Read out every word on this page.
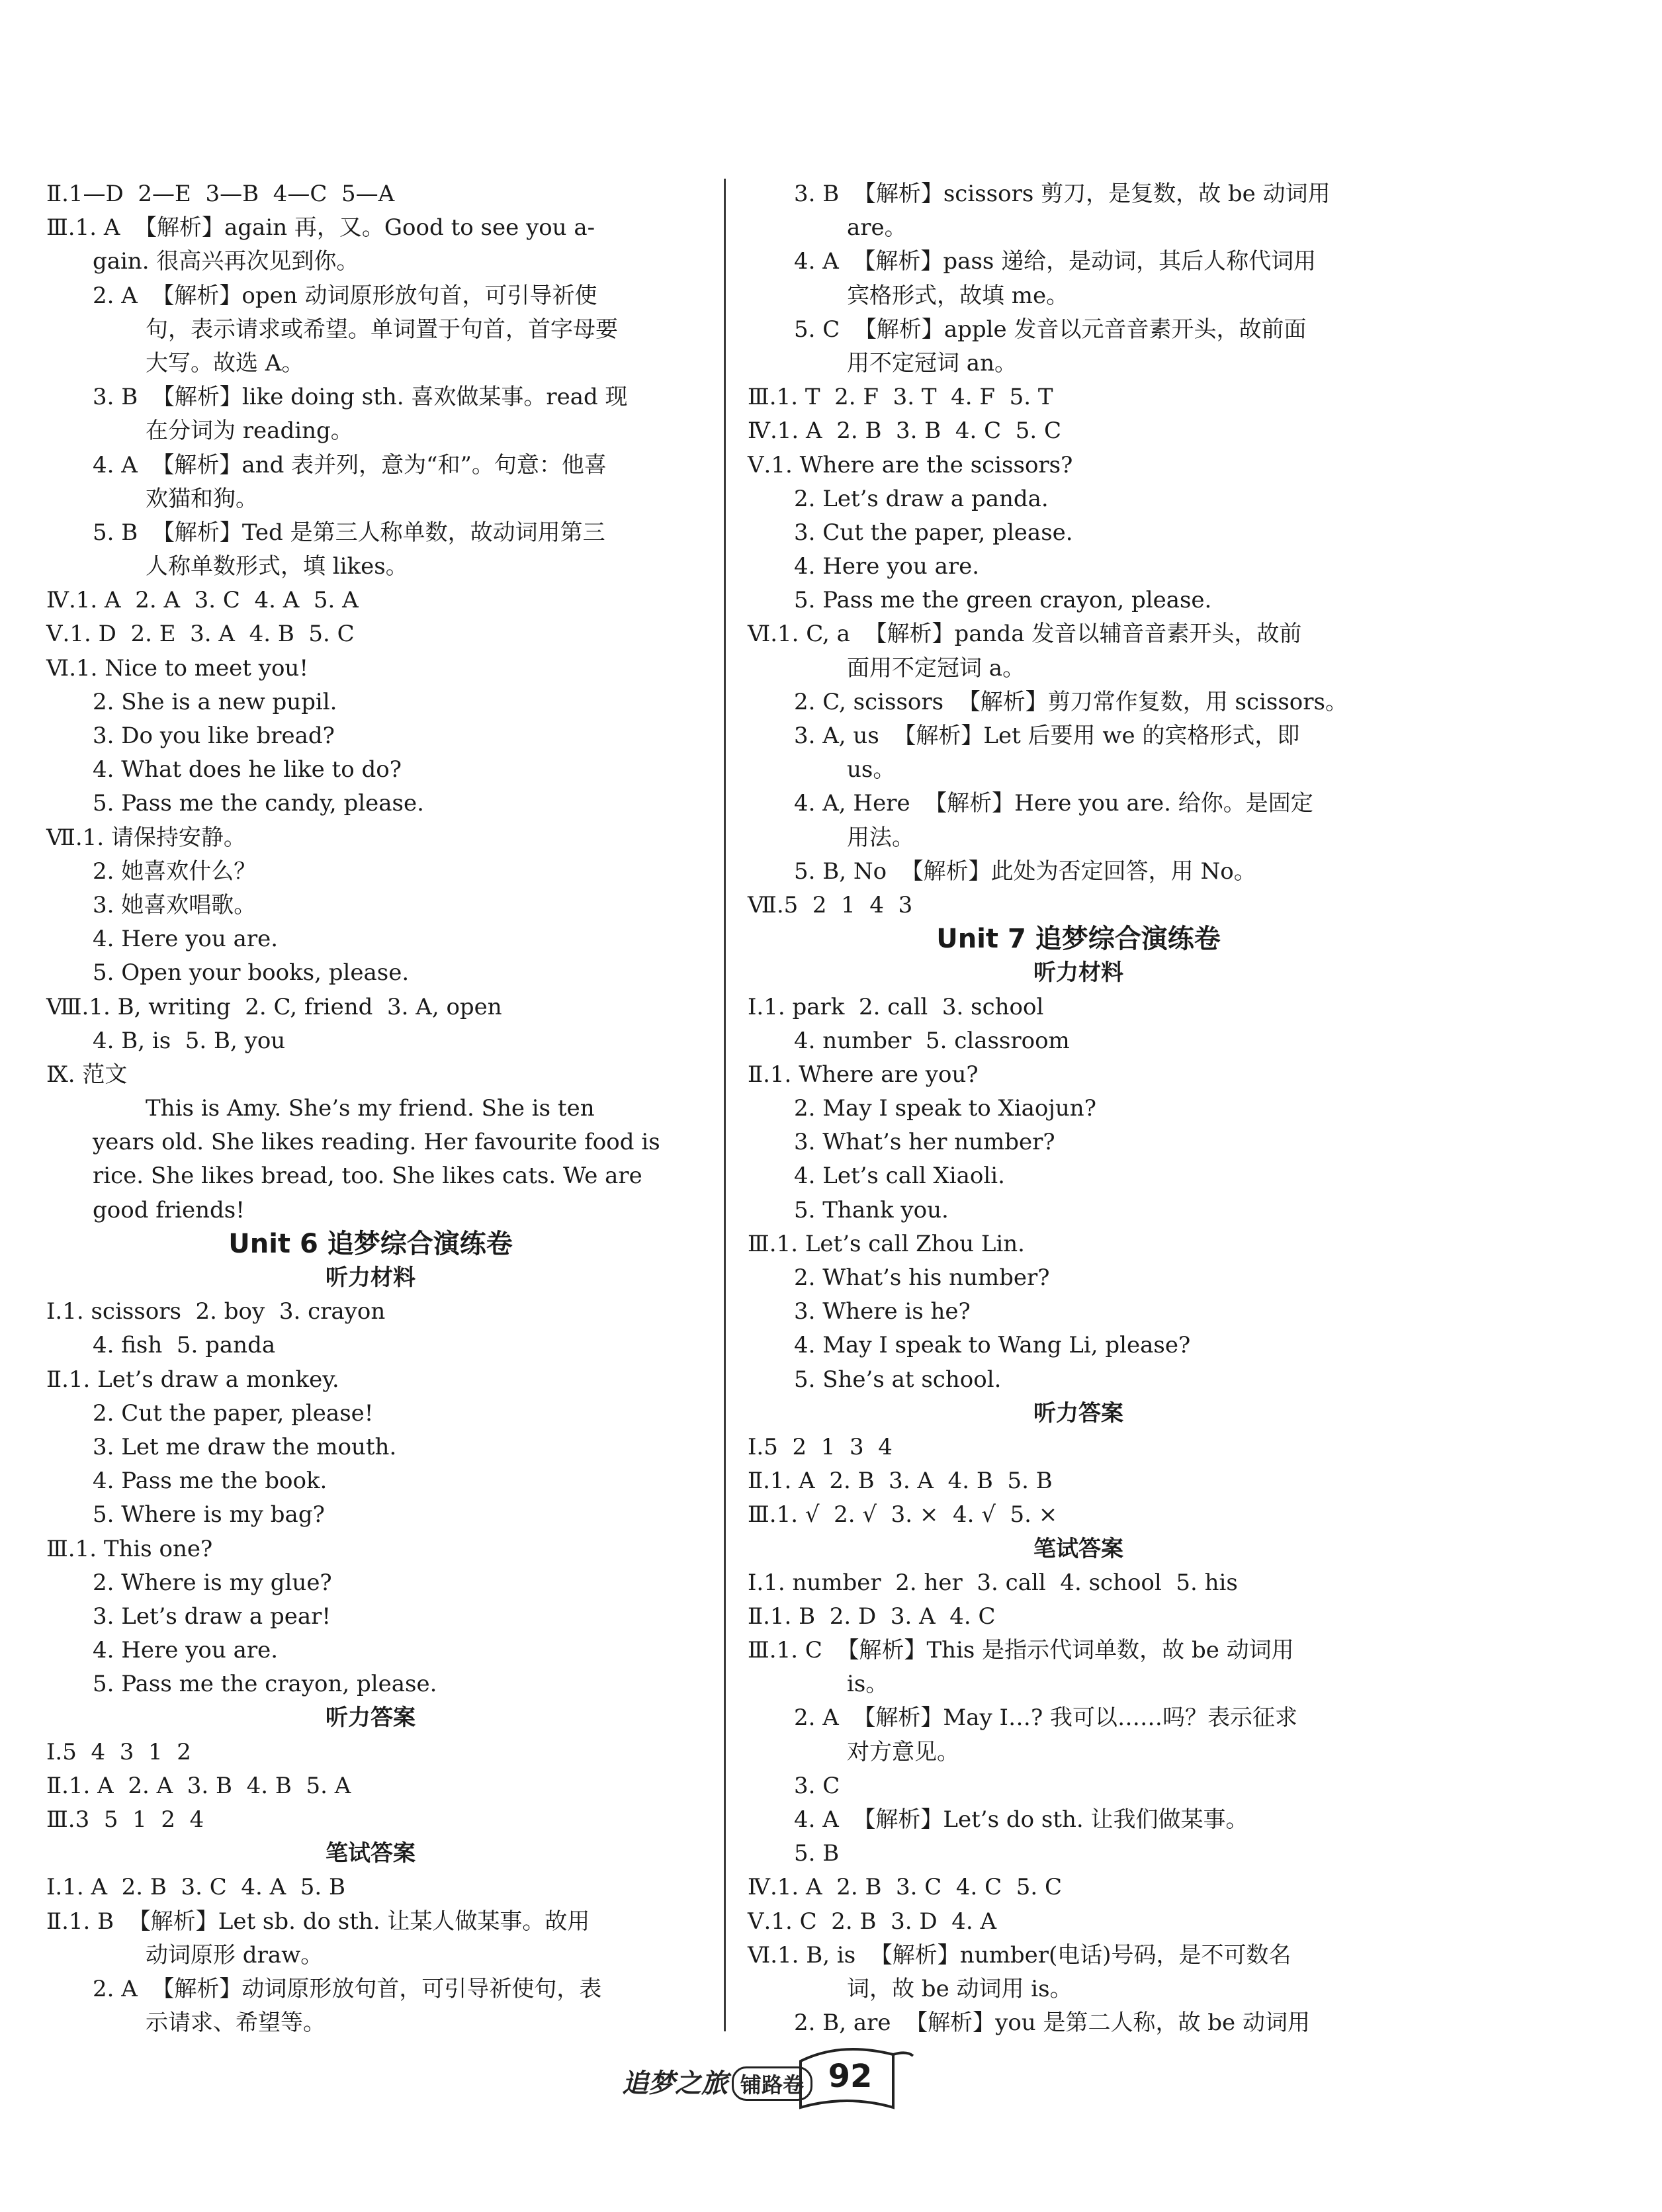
Ⅱ.1—D  2—E  3—B  4—C  5—A
Ⅲ.1. A  【解析】again 再，又。Good to see you a-
gain. 很高兴再次见到你。
2. A  【解析】open 动词原形放句首，可引导祈使
句，表示请求或希望。单词置于句首，首字母要
大写。故选 A。
3. B  【解析】like doing sth. 喜欢做某事。read 现
在分词为 reading。
4. A  【解析】and 表并列，意为“和”。句意：他喜
欢猫和狗。
5. B  【解析】Ted 是第三人称单数，故动词用第三
人称单数形式，填 likes。
Ⅳ.1. A  2. A  3. C  4. A  5. A
Ⅴ.1. D  2. E  3. A  4. B  5. C
Ⅵ.1. Nice to meet you!
2. She is a new pupil.
3. Do you like bread?
4. What does he like to do?
5. Pass me the candy, please.
Ⅶ.1. 请保持安静。
2. 她喜欢什么？
3. 她喜欢唱歌。
4. Here you are.
5. Open your books, please.
Ⅷ.1. B, writing  2. C, friend  3. A, open
4. B, is  5. B, you
Ⅸ. 范文
This is Amy. She’s my friend. She is ten
years old. She likes reading. Her favourite food is
rice. She likes bread, too. She likes cats. We are
good friends!
Unit 6 追梦综合演练卷
听力材料
Ⅰ.1. scissors  2. boy  3. crayon
4. fish  5. panda
Ⅱ.1. Let’s draw a monkey.
2. Cut the paper, please!
3. Let me draw the mouth.
4. Pass me the book.
5. Where is my bag?
Ⅲ.1. This one?
2. Where is my glue?
3. Let’s draw a pear!
4. Here you are.
5. Pass me the crayon, please.
听力答案
Ⅰ.5  4  3  1  2
Ⅱ.1. A  2. A  3. B  4. B  5. A
Ⅲ.3  5  1  2  4
笔试答案
Ⅰ.1. A  2. B  3. C  4. A  5. B
Ⅱ.1. B  【解析】Let sb. do sth. 让某人做某事。故用
动词原形 draw。
2. A  【解析】动词原形放句首，可引导祈使句，表
示请求、希望等。
3. B  【解析】scissors 剪刀，是复数，故 be 动词用
are。
4. A  【解析】pass 递给，是动词，其后人称代词用
宾格形式，故填 me。
5. C  【解析】apple 发音以元音音素开头，故前面
用不定冠词 an。
Ⅲ.1. T  2. F  3. T  4. F  5. T
Ⅳ.1. A  2. B  3. B  4. C  5. C
Ⅴ.1. Where are the scissors?
2. Let’s draw a panda.
3. Cut the paper, please.
4. Here you are.
5. Pass me the green crayon, please.
Ⅵ.1. C, a  【解析】panda 发音以辅音音素开头，故前
面用不定冠词 a。
2. C, scissors  【解析】剪刀常作复数，用 scissors。
3. A, us  【解析】Let 后要用 we 的宾格形式，即
us。
4. A, Here  【解析】Here you are. 给你。是固定
用法。
5. B, No  【解析】此处为否定回答，用 No。
Ⅶ.5  2  1  4  3
Unit 7 追梦综合演练卷
听力材料
Ⅰ.1. park  2. call  3. school
4. number  5. classroom
Ⅱ.1. Where are you?
2. May I speak to Xiaojun?
3. What’s her number?
4. Let’s call Xiaoli.
5. Thank you.
Ⅲ.1. Let’s call Zhou Lin.
2. What’s his number?
3. Where is he?
4. May I speak to Wang Li, please?
5. She’s at school.
听力答案
Ⅰ.5  2  1  3  4
Ⅱ.1. A  2. B  3. A  4. B  5. B
Ⅲ.1. √  2. √  3. ×  4. √  5. ×
笔试答案
Ⅰ.1. number  2. her  3. call  4. school  5. his
Ⅱ.1. B  2. D  3. A  4. C
Ⅲ.1. C  【解析】This 是指示代词单数，故 be 动词用
is。
2. A  【解析】May I…? 我可以……吗？表示征求
对方意见。
3. C
4. A  【解析】Let’s do sth. 让我们做某事。
5. B
Ⅳ.1. A  2. B  3. C  4. C  5. C
Ⅴ.1. C  2. B  3. D  4. A
Ⅵ.1. B, is  【解析】number(电话)号码，是不可数名
词，故 be 动词用 is。
2. B, are  【解析】you 是第二人称，故 be 动词用
追梦之旅 铺路卷 92
